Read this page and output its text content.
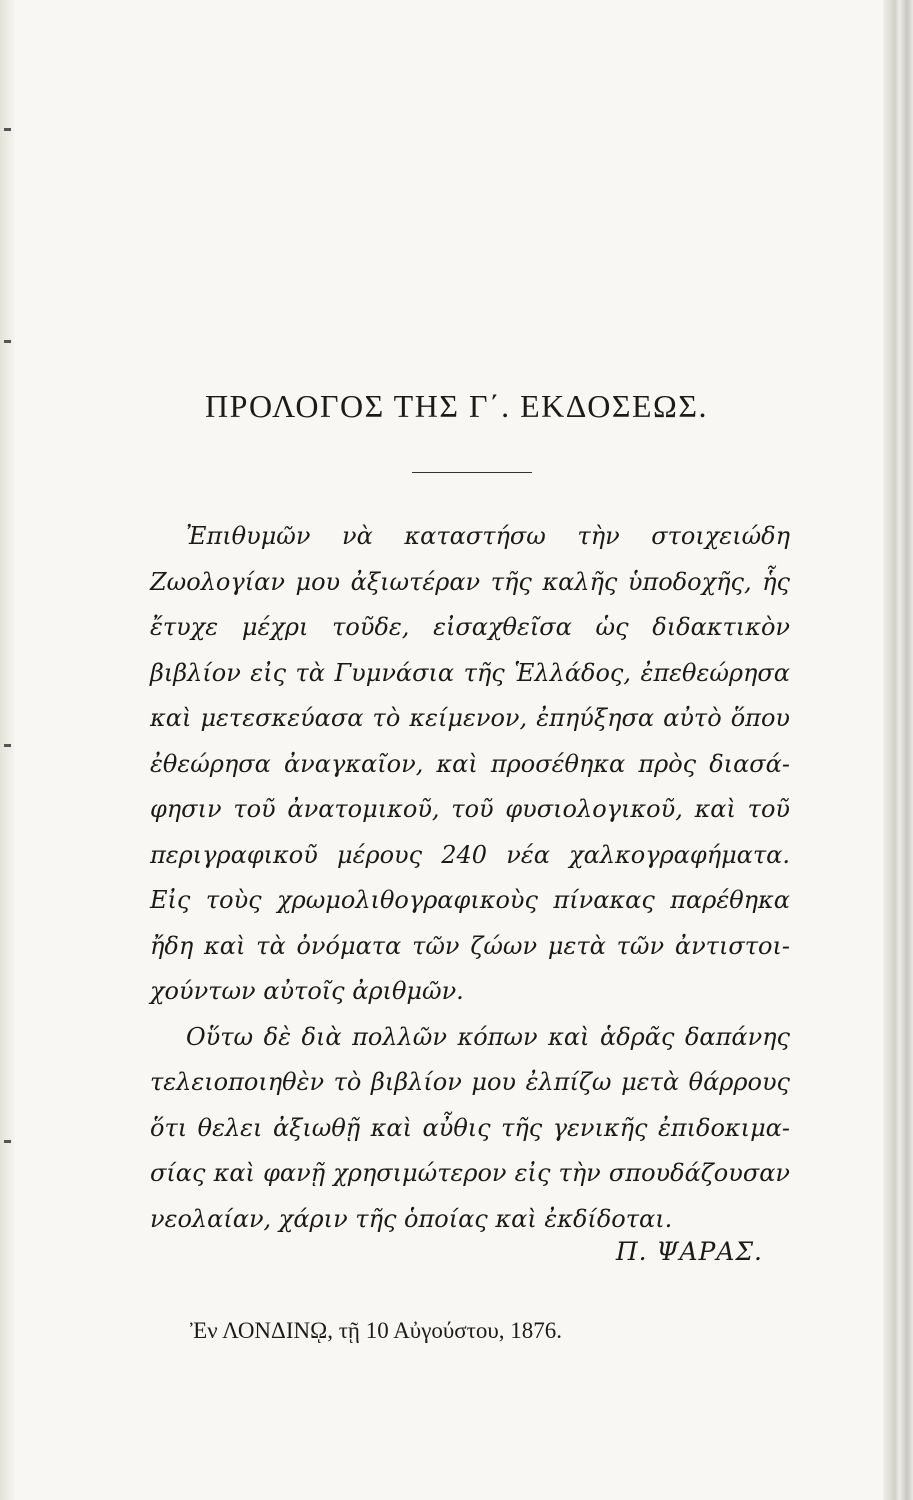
ΠΡΟΛΟΓΟΣ ΤΗΣ Γ΄. ΕΚΔΟΣΕΩΣ.
Ἐπιθυμῶν νὰ καταστήσω τὴν στοιχειώδη
Ζωολογίαν μου ἀξιωτέραν τῆς καλῆς ὑποδοχῆς, ἧς
ἔτυχε μέχρι τοῦδε, εἰσαχθεῖσα ὡς διδακτικὸν
βιβλίον εἰς τὰ Γυμνάσια τῆς Ἑλλάδος, ἐπεθεώρησα
καὶ μετεσκεύασα τὸ κείμενον, ἐπηύξησα αὐτὸ ὅπου
ἐθεώρησα ἀναγκαῖον, καὶ προσέθηκα πρὸς διασά-
φησιν τοῦ ἀνατομικοῦ, τοῦ φυσιολογικοῦ, καὶ τοῦ
περιγραφικοῦ μέρους 240 νέα χαλκογραφήματα.
Εἰς τοὺς χρωμολιθογραφικοὺς πίνακας παρέθηκα
ἤδη καὶ τὰ ὀνόματα τῶν ζώων μετὰ τῶν ἀντιστοι-
χούντων αὐτοῖς ἀριθμῶν.
Οὕτω δὲ διὰ πολλῶν κόπων καὶ ἁδρᾶς δαπάνης
τελειοποιηθὲν τὸ βιβλίον μου ἐλπίζω μετὰ θάρρους
ὅτι θελει ἀξιωθῇ καὶ αὖθις τῆς γενικῆς ἐπιδοκιμα-
σίας καὶ φανῇ χρησιμώτερον εἰς τὴν σπουδάζουσαν
νεολαίαν, χάριν τῆς ὁποίας καὶ ἐκδίδοται.
Π. ΨΑΡΑΣ.
Ἐν ΛΟΝΔΙΝῼ, τῇ 10 Αὐγούστου, 1876.
